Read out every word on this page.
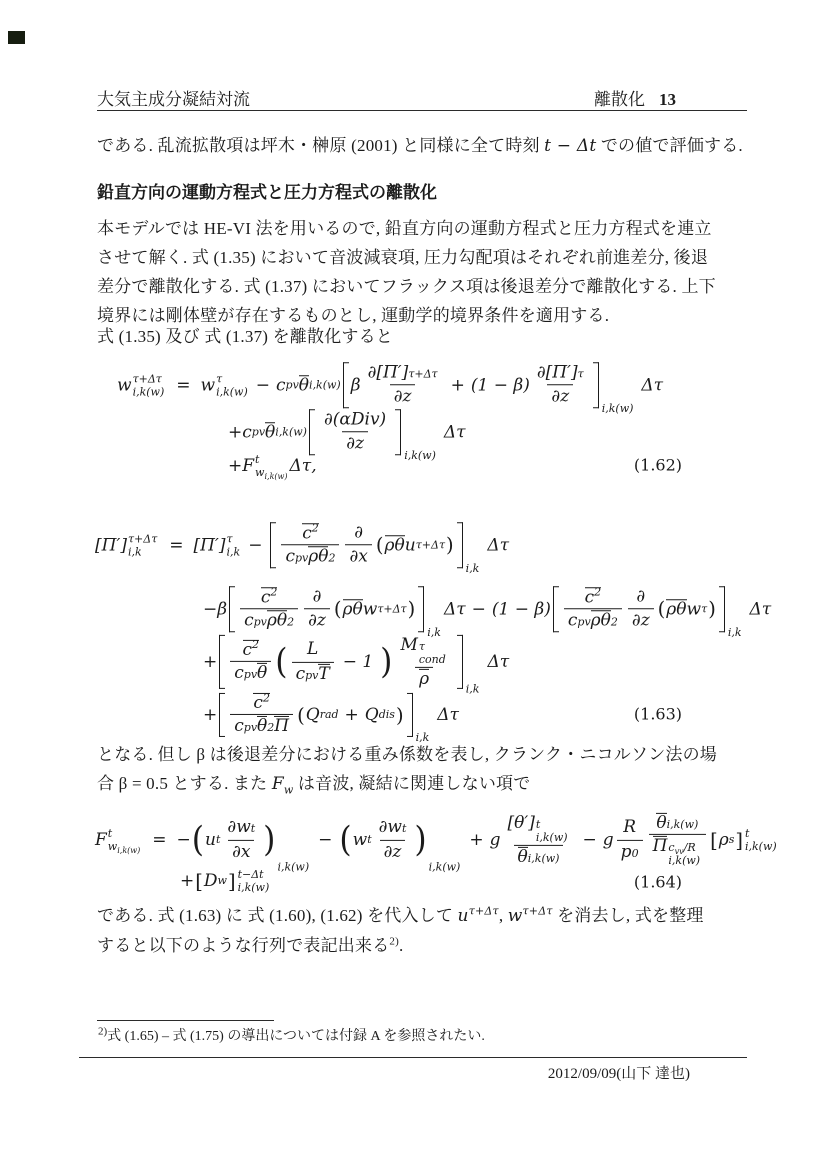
大気主成分凝結対流	離散化 13
である. 乱流拡散項は坪木・榊原 (2001) と同様に全て時刻 t − Δt での値で評価する.
鉛直方向の運動方程式と圧力方程式の離散化
本モデルでは HE-VI 法を用いるので, 鉛直方向の運動方程式と圧力方程式を連立
させて解く. 式 (1.35) において音波減衰項, 圧力勾配項はそれぞれ前進差分, 後退
差分で離散化する. 式 (1.37) においてフラックス項は後退差分で離散化する. 上下
境界には剛体壁が存在するものとし, 運動学的境界条件を適用する.
式 (1.35) 及び 式 (1.37) を離散化すると
w τ+Δτ
i,k(w) = w τ
i,k(w) − c pv θ i,k(w) β
∂[Π′] τ+Δτ
∂z
+ (1 − β)
∂[Π′] τ
∂z
i,k(w)
Δτ
+ c pv θ i,k(w)
∂(αDiv)
∂z
i,k(w)
Δτ
+ F t
$w_{i,k(w)}$
Δτ,	(1.62)
[Π′] τ+Δτ
i,k = [Π′] τ
i,k −
$c^2$
c pv ρ θ 2
∂
∂x ( ρ θ u τ+Δτ )
i,k
Δτ
− β
$c^2$
c pv ρ θ 2
∂
∂z ( ρ θ w τ+Δτ )
i,k
Δτ − (1 − β)
$c^2$
c pv ρ θ 2
∂
∂z ( ρ θ w τ )
i,k
Δτ
+
$c^2$
c pv θ ( L
c pv T
− 1 ) M τ
cond
ρ
i,k
Δτ
+
$c^2$
c pv θ 2 Π ( Q rad + Q dis )
i,k
Δτ	(1.63)
となる. 但し β は後退差分における重み係数を表し, クランク・ニコルソン法の場
合 β = 0.5 とする. また $F_w$ は音波, 凝結に関連しない項で
F t
$w_{i,k(w)}$
= − ( u t
∂w t
∂x )
i,k(w)
− ( w t
∂w t
∂z )
i,k(w)
+ g
[θ′] t
i,k(w)
θ i,k(w)
− g
R
p 0
θ i,k(w)
Π $c_{vv}/R$
i,k(w)
[ ρ s ] t
i,k(w)
+ [ D w ] t−Δt
i,k(w)	(1.64)
である. 式 (1.63) に 式 (1.60), (1.62) を代入して $u^{\tau+\Delta\tau}$, $w^{\tau+\Delta\tau}$ を消去し, 式を整理
すると以下のような行列で表記出来る$^{2)}$.
$^{2)}$式 (1.65) – 式 (1.75) の導出については付録 A を参照されたい.
2012/09/09(山下 達也)
